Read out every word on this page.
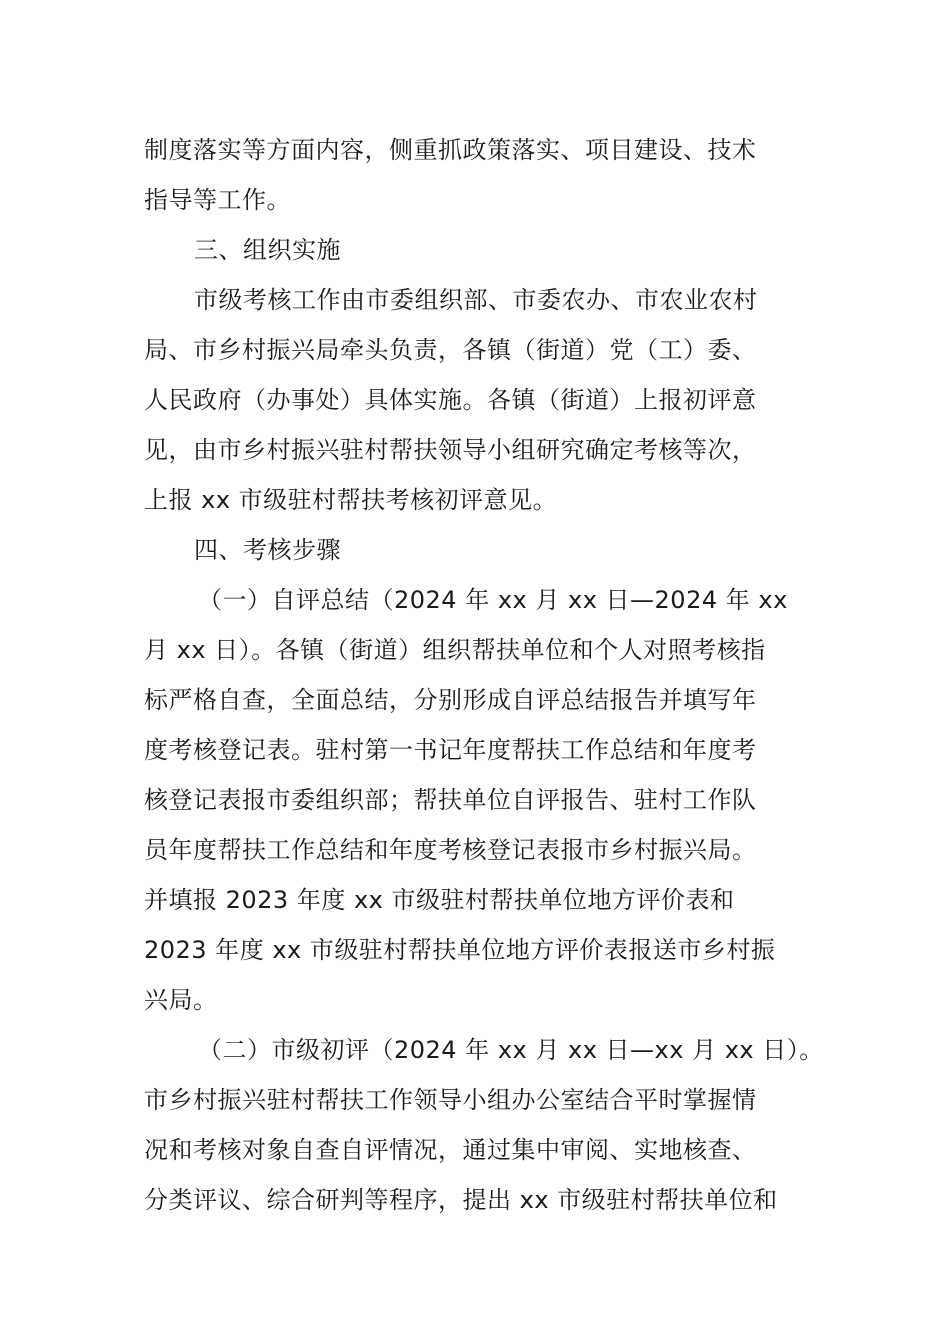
制度落实等方面内容，侧重抓政策落实、项目建设、技术
指导等工作。
三、组织实施
市级考核工作由市委组织部、市委农办、市农业农村
局、市乡村振兴局牵头负责，各镇（街道）党（工）委、
人民政府（办事处）具体实施。各镇（街道）上报初评意
见，由市乡村振兴驻村帮扶领导小组研究确定考核等次，
上报 xx 市级驻村帮扶考核初评意见。
四、考核步骤
（一）自评总结（2024 年 xx 月 xx 日—2024 年 xx
月 xx 日）。各镇（街道）组织帮扶单位和个人对照考核指
标严格自查，全面总结，分别形成自评总结报告并填写年
度考核登记表。驻村第一书记年度帮扶工作总结和年度考
核登记表报市委组织部；帮扶单位自评报告、驻村工作队
员年度帮扶工作总结和年度考核登记表报市乡村振兴局。
并填报 2023 年度 xx 市级驻村帮扶单位地方评价表和
2023 年度 xx 市级驻村帮扶单位地方评价表报送市乡村振
兴局。
（二）市级初评（2024 年 xx 月 xx 日—xx 月 xx 日）。
市乡村振兴驻村帮扶工作领导小组办公室结合平时掌握情
况和考核对象自查自评情况，通过集中审阅、实地核查、
分类评议、综合研判等程序，提出 xx 市级驻村帮扶单位和
